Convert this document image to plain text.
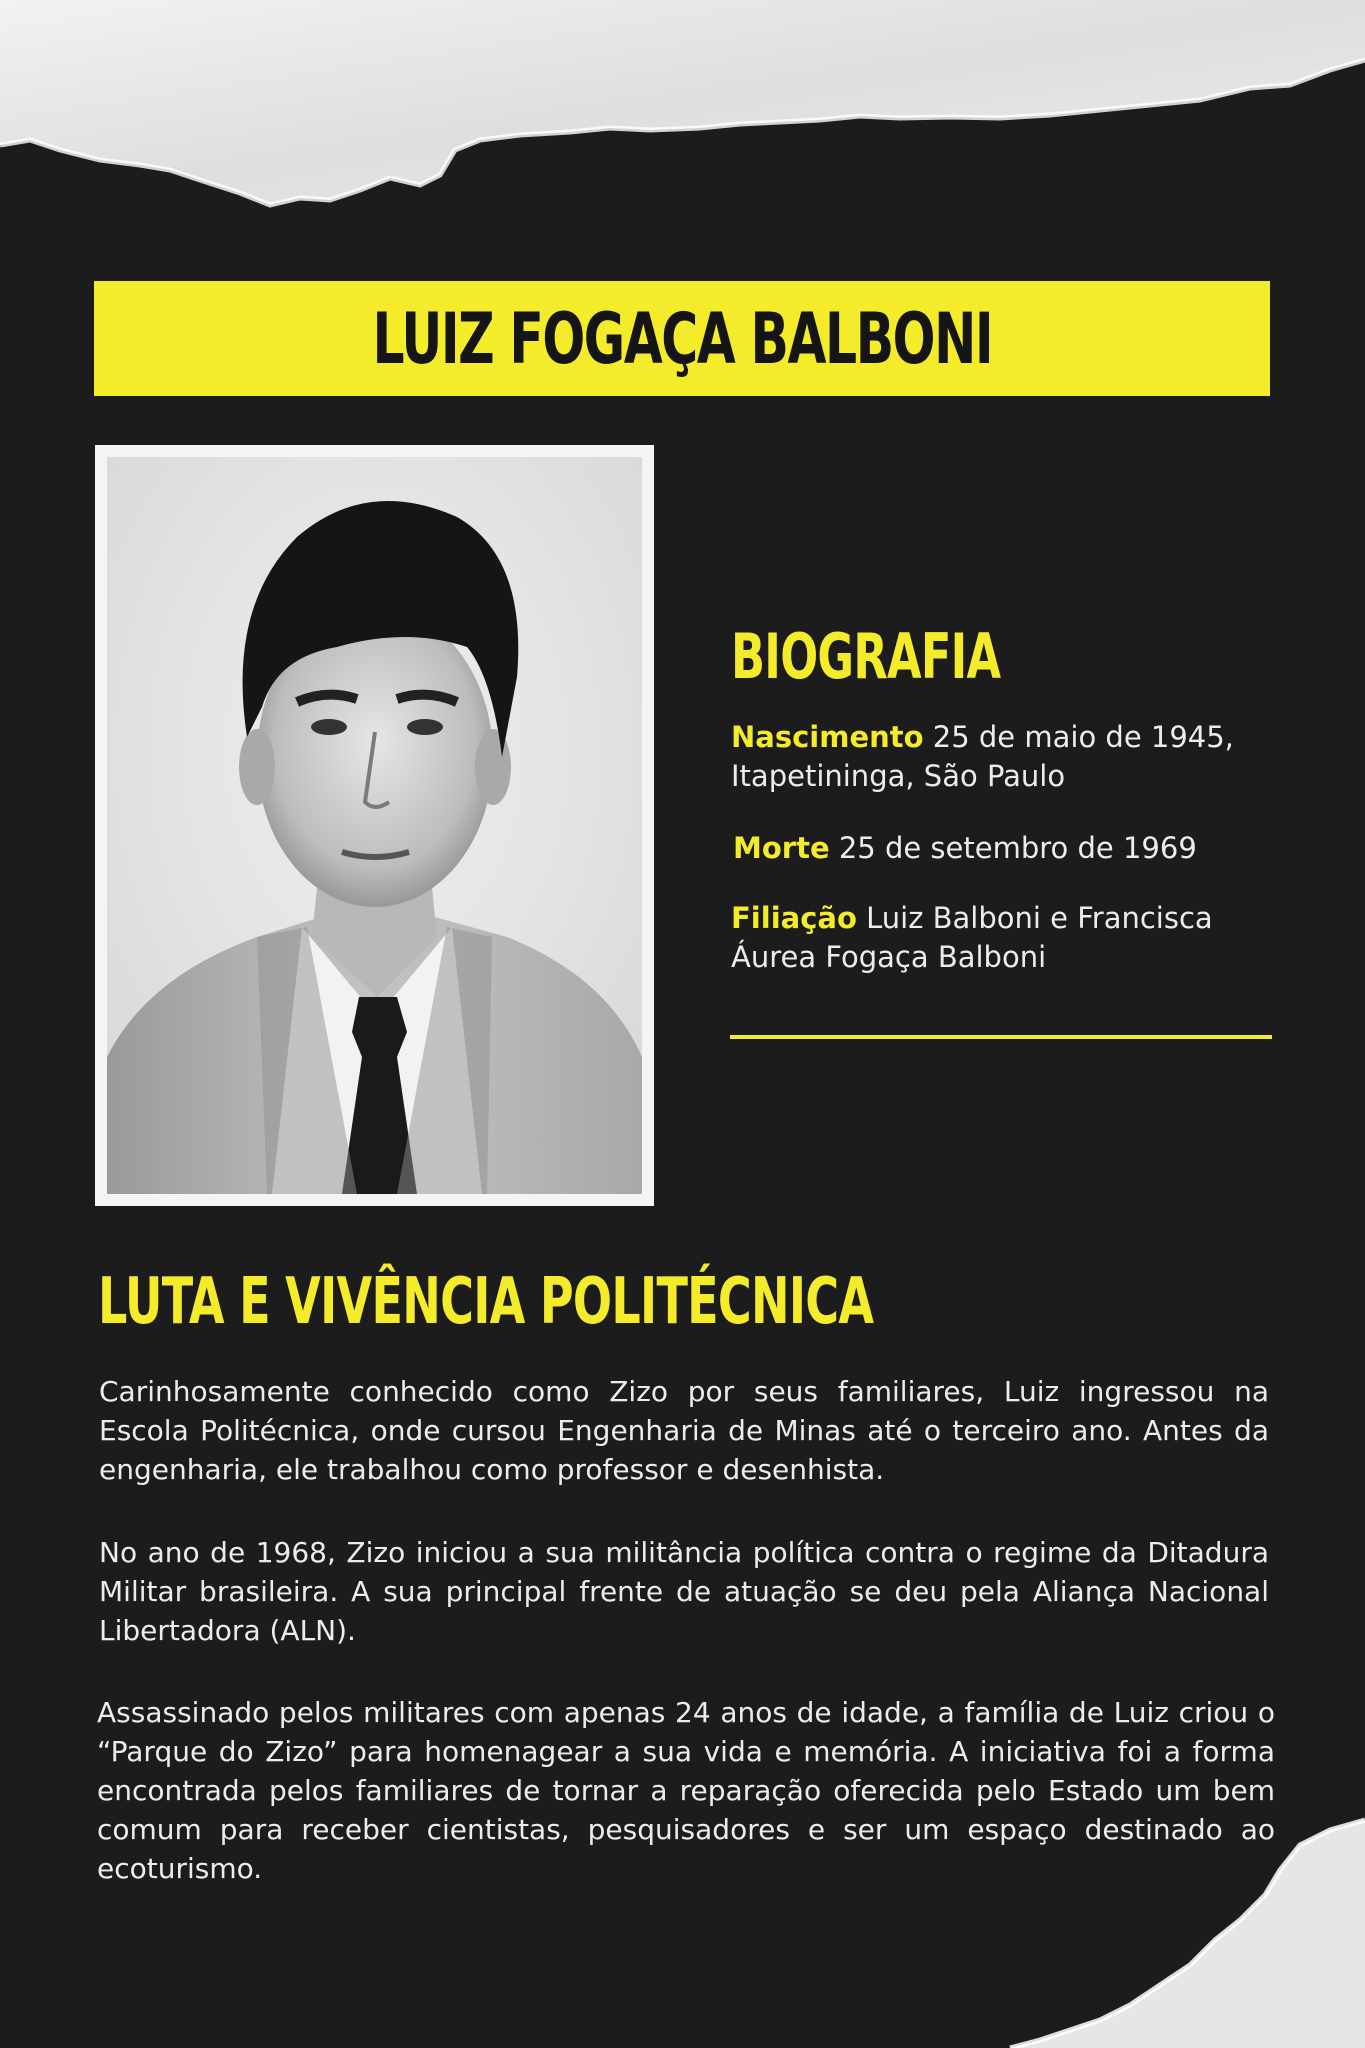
LUIZ FOGAÇA BALBONI
BIOGRAFIA

Nascimento 25 de maio de 1945, Itapetininga, São Paulo

Morte 25 de setembro de 1969

Filiação Luiz Balboni e Francisca Áurea Fogaça Balboni

LUTA E VIVÊNCIA POLITÉCNICA

Carinhosamente conhecido como Zizo por seus familiares, Luiz ingressou na Escola Politécnica, onde cursou Engenharia de Minas até o terceiro ano. Antes da engenharia, ele trabalhou como professor e desenhista.

No ano de 1968, Zizo iniciou a sua militância política contra o regime da Ditadura Militar brasileira. A sua principal frente de atuação se deu pela Aliança Nacional Libertadora (ALN).

Assassinado pelos militares com apenas 24 anos de idade, a família de Luiz criou o “Parque do Zizo” para homenagear a sua vida e memória. A iniciativa foi a forma encontrada pelos familiares de tornar a reparação oferecida pelo Estado um bem comum para receber cientistas, pesquisadores e ser um espaço destinado ao ecoturismo.
